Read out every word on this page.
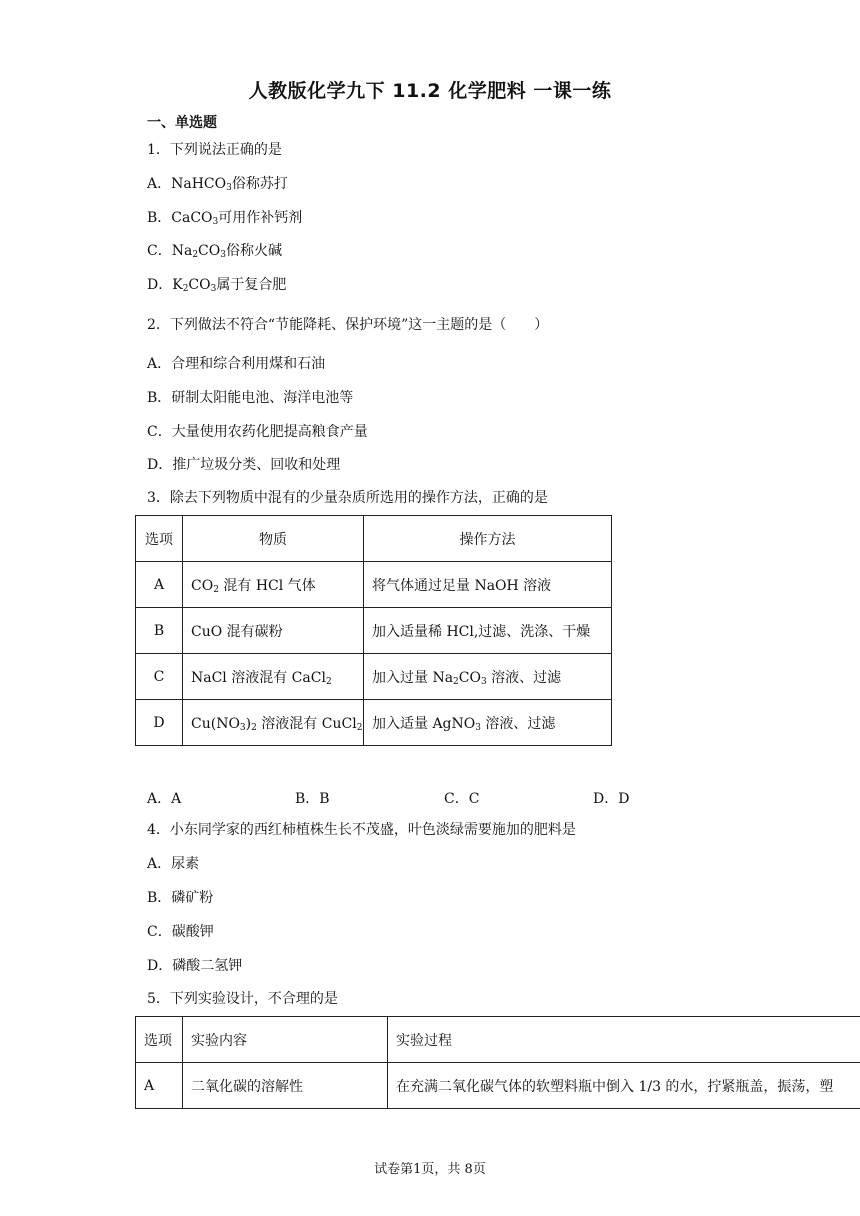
人教版化学九下 11.2 化学肥料 一课一练
一、单选题
1．下列说法正确的是
A．NaHCO$_3$俗称苏打
B．CaCO$_3$可用作补钙剂
C．$Na_2CO_3$俗称火碱
D．$K_2CO_3$属于复合肥
2．下列做法不符合“节能降耗、保护环境”这一主题的是（　　）
A．合理和综合利用煤和石油
B．研制太阳能电池、海洋电池等
C．大量使用农药化肥提高粮食产量
D．推广垃圾分类、回收和处理
3．除去下列物质中混有的少量杂质所选用的操作方法，正确的是
选项	物质	操作方法
A	$CO_2$ 混有 HCl 气体	将气体通过足量 NaOH 溶液
B	CuO 混有碳粉	加入适量稀 HCl,过滤、洗涤、干燥
C	NaCl 溶液混有 CaCl$_2$	加入过量 $Na_2CO_3$ 溶液、过滤
D	$Cu(NO_3)_2$ 溶液混有 CuCl$_2$	加入适量 AgNO$_3$ 溶液、过滤
A．A	B．B	C．C	D．D
4．小东同学家的西红柿植株生长不茂盛，叶色淡绿需要施加的肥料是
A．尿素
B．磷矿粉
C．碳酸钾
D．磷酸二氢钾
5．下列实验设计，不合理的是
选项	实验内容	实验过程
A	二氧化碳的溶解性	在充满二氧化碳气体的软塑料瓶中倒入 1/3 的水，拧紧瓶盖，振荡，塑
试卷第1页，共 8页
